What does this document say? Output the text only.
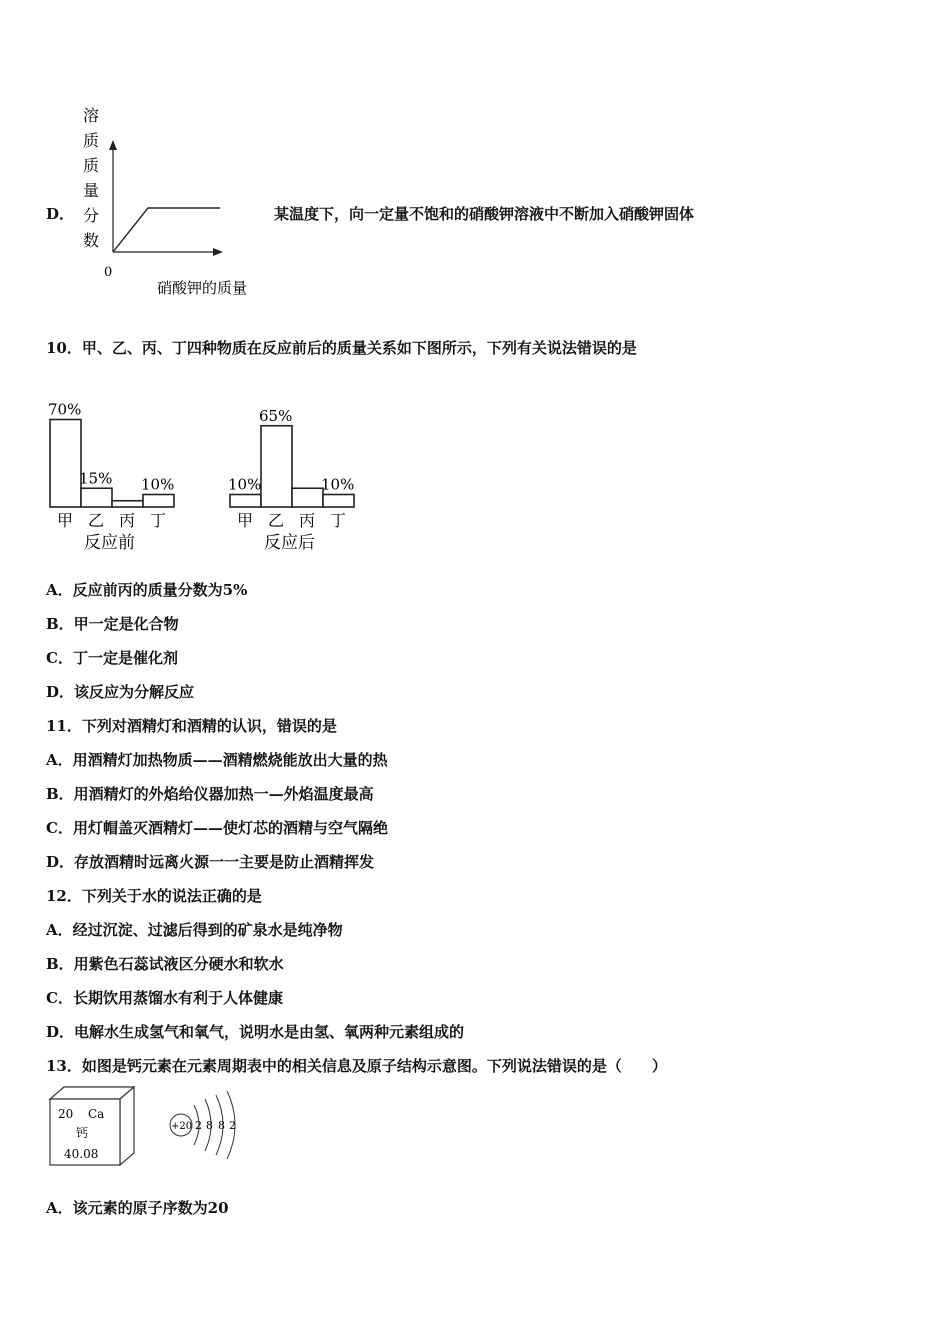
D．
溶
质
质
量
分
数
0
硝酸钾的质量
某温度下，向一定量不饱和的硝酸钾溶液中不断加入硝酸钾固体
10．甲、乙、丙、丁四种物质在反应前后的质量关系如下图所示，下列有关说法错误的是
70%
甲
15%
乙 丙
10%
丁
反应前
10%
甲
65%
乙 丙
10%
丁
反应后
A．反应前丙的质量分数为5%
B．甲一定是化合物
C．丁一定是催化剂
D．该反应为分解反应
11．下列对酒精灯和酒精的认识，错误的是
A．用酒精灯加热物质——酒精燃烧能放出大量的热
B．用酒精灯的外焰给仪器加热一—外焰温度最高
C．用灯帽盖灭酒精灯——使灯芯的酒精与空气隔绝
D．存放酒精时远离火源一一主要是防止酒精挥发
12．下列关于水的说法正确的是
A．经过沉淀、过滤后得到的矿泉水是纯净物
B．用紫色石蕊试液区分硬水和软水
C．长期饮用蒸馏水有利于人体健康
D．电解水生成氢气和氧气，说明水是由氢、氧两种元素组成的
13．如图是钙元素在元素周期表中的相关信息及原子结构示意图。下列说法错误的是（　　）
20 Ca
钙
40.08
+20 2 8 8 2
A．该元素的原子序数为20
